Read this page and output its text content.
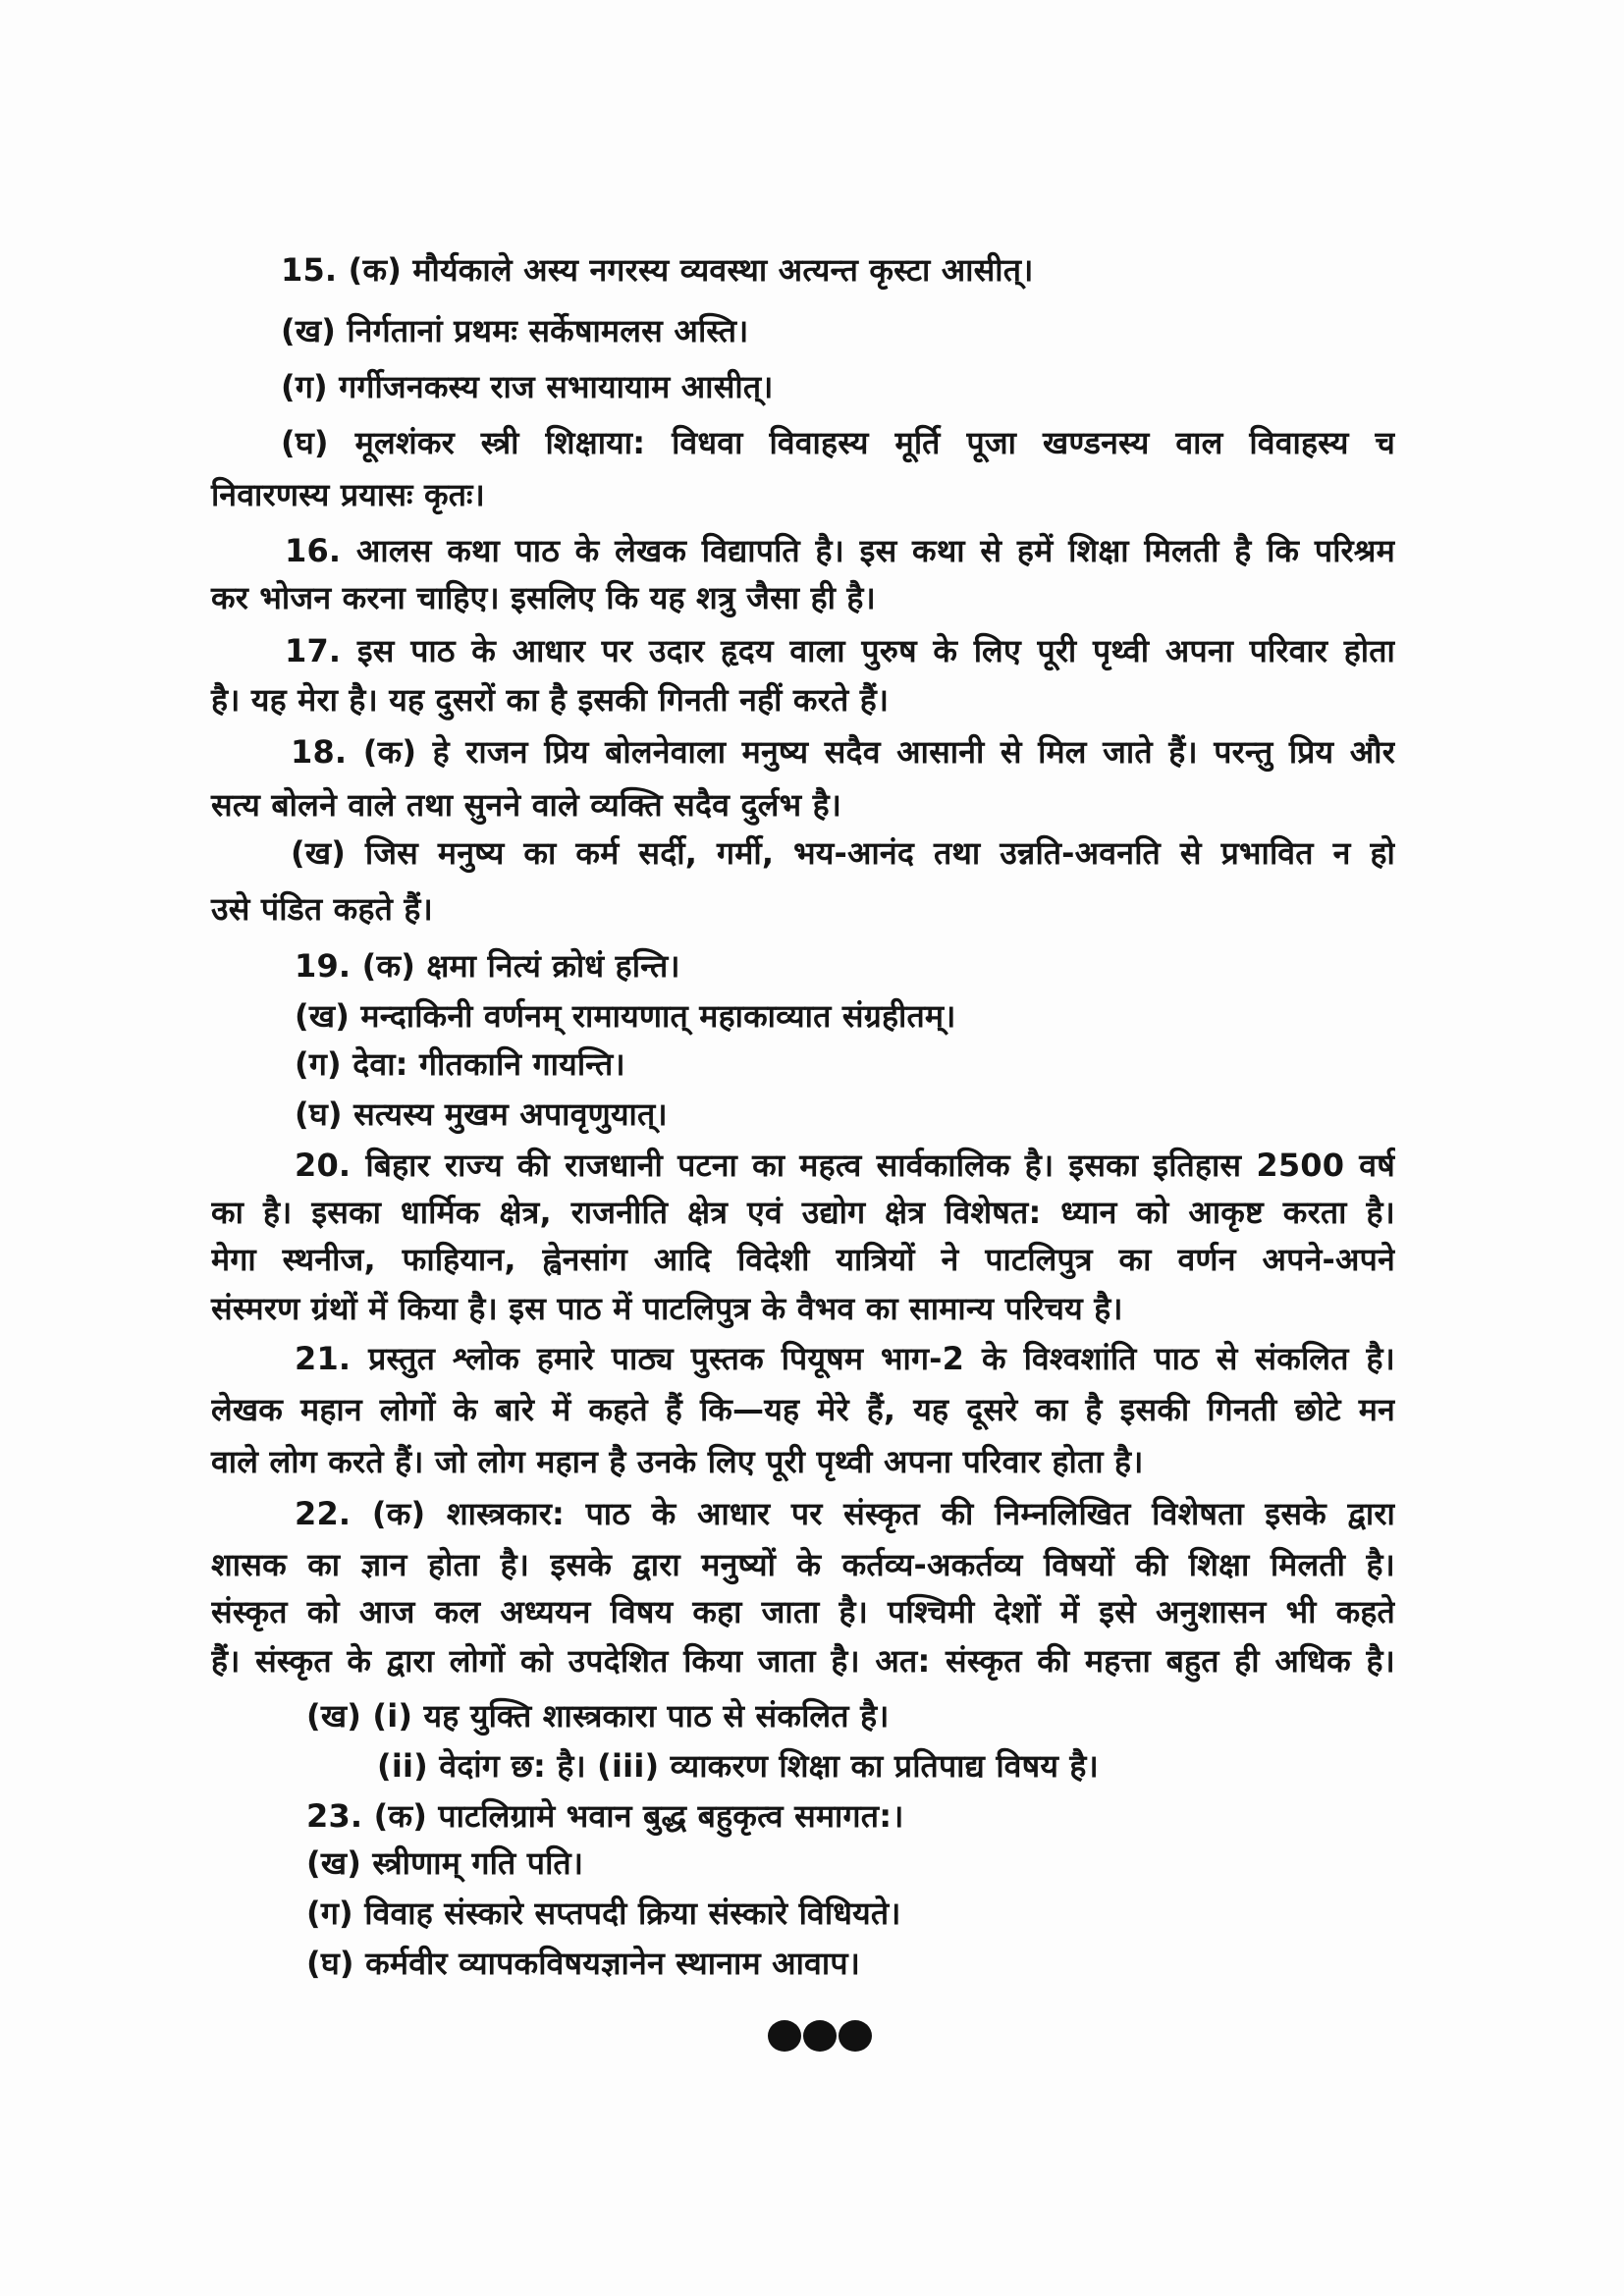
15. (क) मौर्यकाले अस्य नगरस्य व्यवस्था अत्यन्त कृस्टा आसीत्।
(ख) निर्गतानां प्रथमः सर्केषामलस अस्ति।
(ग) गर्गीजनकस्य राज सभायायाम आसीत्।
(घ) मूलशंकर स्त्री शिक्षाया: विधवा विवाहस्य मूर्ति पूजा खण्डनस्य वाल विवाहस्य च
निवारणस्य प्रयासः कृतः।
16. आलस कथा पाठ के लेखक विद्यापति है। इस कथा से हमें शिक्षा मिलती है कि परिश्रम
कर भोजन करना चाहिए। इसलिए कि यह शत्रु जैसा ही है।
17. इस पाठ के आधार पर उदार हृदय वाला पुरुष के लिए पूरी पृथ्वी अपना परिवार होता
है। यह मेरा है। यह दुसरों का है इसकी गिनती नहीं करते हैं।
18. (क) हे राजन प्रिय बोलनेवाला मनुष्य सदैव आसानी से मिल जाते हैं। परन्तु प्रिय और
सत्य बोलने वाले तथा सुनने वाले व्यक्ति सदैव दुर्लभ है।
(ख) जिस मनुष्य का कर्म सर्दी, गर्मी, भय-आनंद तथा उन्नति-अवनति से प्रभावित न हो
उसे पंडित कहते हैं।
19. (क) क्षमा नित्यं क्रोधं हन्ति।
(ख) मन्दाकिनी वर्णनम् रामायणात् महाकाव्यात संग्रहीतम्।
(ग) देवा: गीतकानि गायन्ति।
(घ) सत्यस्य मुखम अपावृणुयात्।
20. बिहार राज्य की राजधानी पटना का महत्व सार्वकालिक है। इसका इतिहास 2500 वर्ष
का है। इसका धार्मिक क्षेत्र, राजनीति क्षेत्र एवं उद्योग क्षेत्र विशेषत: ध्यान को आकृष्ट करता है।
मेगा स्थनीज, फाहियान, ह्वेनसांग आदि विदेशी यात्रियों ने पाटलिपुत्र का वर्णन अपने-अपने
संस्मरण ग्रंथों में किया है। इस पाठ में पाटलिपुत्र के वैभव का सामान्य परिचय है।
21. प्रस्तुत श्लोक हमारे पाठ्य पुस्तक पियूषम भाग-2 के विश्वशांति पाठ से संकलित है।
लेखक महान लोगों के बारे में कहते हैं कि—यह मेरे हैं, यह दूसरे का है इसकी गिनती छोटे मन
वाले लोग करते हैं। जो लोग महान है उनके लिए पूरी पृथ्वी अपना परिवार होता है।
22. (क) शास्त्रकार: पाठ के आधार पर संस्कृत की निम्नलिखित विशेषता इसके द्वारा
शासक का ज्ञान होता है। इसके द्वारा मनुष्यों के कर्तव्य-अकर्तव्य विषयों की शिक्षा मिलती है।
संस्कृत को आज कल अध्ययन विषय कहा जाता है। पश्चिमी देशों में इसे अनुशासन भी कहते
हैं। संस्कृत के द्वारा लोगों को उपदेशित किया जाता है। अत: संस्कृत की महत्ता बहुत ही अधिक है।
(ख) (i) यह युक्ति शास्त्रकारा पाठ से संकलित है।
(ii) वेदांग छ: है। (iii) व्याकरण शिक्षा का प्रतिपाद्य विषय है।
23. (क) पाटलिग्रामे भवान बुद्ध बहुकृत्व समागत:।
(ख) स्त्रीणाम् गति पति।
(ग) विवाह संस्कारे सप्तपदी क्रिया संस्कारे विधियते।
(घ) कर्मवीर व्यापकविषयज्ञानेन स्थानाम आवाप।
